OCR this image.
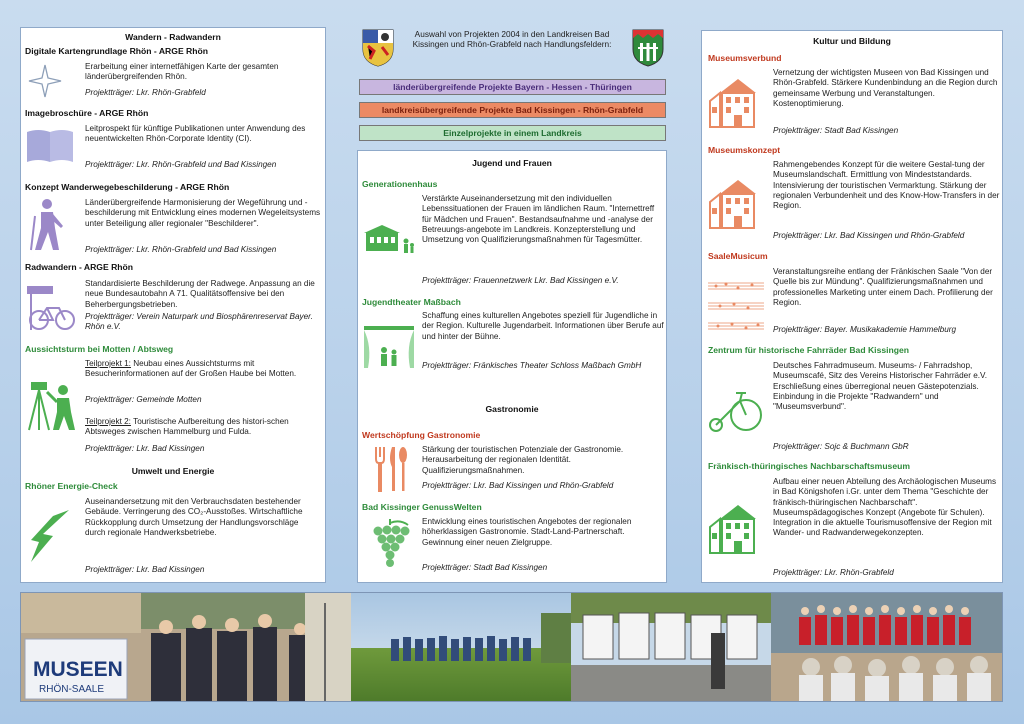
Auswahl von Projekten 2004 in den Landkreisen Bad Kissingen und Rhön-Grabfeld nach Handlungsfeldern:
länderübergreifende Projekte Bayern - Hessen - Thüringen
landkreisübergreifende Projekte Bad Kissingen - Rhön-Grabfeld
Einzelprojekte in einem Landkreis
Wandern - Radwandern
Digitale Kartengrundlage Rhön - ARGE Rhön
Erarbeitung einer internetfähigen Karte der gesamten länderübergreifenden Rhön.
Projektträger: Lkr. Rhön-Grabfeld
Imagebroschüre - ARGE Rhön
Leitprospekt für künftige Publikationen unter Anwendung des neuentwickelten Rhön-Corporate Identity (CI).
Projektträger: Lkr. Rhön-Grabfeld und Bad Kissingen
Konzept Wanderwegebeschilderung - ARGE Rhön
Länderübergreifende Harmonisierung der Wegeführung und -beschilderung mit Entwicklung eines modernen Wegeleitsystems unter Beteiligung aller regionaler "Beschilderer".
Projektträger: Lkr. Rhön-Grabfeld und Bad Kissingen
Radwandern - ARGE Rhön
Standardisierte Beschilderung der Radwege. Anpassung an die neue Bundesautobahn A 71. Qualitätsoffensive bei den Beherbergungsbetrieben.
Projektträger: Verein Naturpark und Biosphärenreservat Bayer. Rhön e.V.
Aussichtsturm bei Motten / Abtsweg
Teilprojekt 1: Neubau eines Aussichtsturms mit Besucherinformationen auf der Großen Haube bei Motten.
Projektträger: Gemeinde Motten
Teilprojekt 2: Touristische Aufbereitung des histori-schen Abtsweges zwischen Hammelburg und Fulda.
Projektträger: Lkr. Bad Kissingen
Umwelt und Energie
Rhöner Energie-Check
Auseinandersetzung mit den Verbrauchsdaten bestehender Gebäude. Verringerung des CO₂-Ausstoßes. Wirtschaftliche Rückkopplung durch Umsetzung der Handlungsvorschläge durch regionale Handwerksbetriebe.
Projektträger: Lkr. Bad Kissingen
Jugend und Frauen
Generationenhaus
Verstärkte Auseinandersetzung mit den individuellen Lebenssituationen der Frauen im ländlichen Raum. "Internettreff für Mädchen und Frauen". Bestandsaufnahme und -analyse der Betreuungs-angebote im Landkreis. Konzepterstellung und Umsetzung von Qualifizierungsmaßnahmen für Tagesmütter.
Projektträger: Frauennetzwerk Lkr. Bad Kissingen e.V.
Jugendtheater Maßbach
Schaffung eines kulturellen Angebotes speziell für Jugendliche in der Region. Kulturelle Jugendarbeit. Informationen über Berufe auf und hinter der Bühne.
Projektträger: Fränkisches Theater Schloss Maßbach GmbH
Gastronomie
Wertschöpfung Gastronomie
Stärkung der touristischen Potenziale der Gastronomie. Herausarbeitung der regionalen Identität. Qualifizierungsmaßnahmen.
Projektträger: Lkr. Bad Kissingen und Rhön-Grabfeld
Bad Kissinger GenussWelten
Entwicklung eines touristischen Angebotes der regionalen höherklassigen Gastronomie. Stadt-Land-Partnerschaft. Gewinnung einer neuen Zielgruppe.
Projektträger: Stadt Bad Kissingen
Kultur und Bildung
Museumsverbund
Vernetzung der wichtigsten Museen von Bad Kissingen und Rhön-Grabfeld. Stärkere Kundenbindung an die Region durch gemeinsame Werbung und Veranstaltungen. Kostenoptimierung.
Projektträger: Stadt Bad Kissingen
Museumskonzept
Rahmengebendes Konzept für die weitere Gestal-tung der Museumslandschaft. Ermittlung von Mindeststandards. Intensivierung der touristischen Vermarktung. Stärkung der regionalen Verbundenheit und des Know-How-Transfers in der Region.
Projektträger: Lkr. Bad Kissingen und Rhön-Grabfeld
SaaleMusicum
Veranstaltungsreihe entlang der Fränkischen Saale "Von der Quelle bis zur Mündung". Qualifizierungsmaßnahmen und professionelles Marketing unter einem Dach. Profilierung der Region.
Projektträger: Bayer. Musikakademie Hammelburg
Zentrum für historische Fahrräder Bad Kissingen
Deutsches Fahrradmuseum. Museums- / Fahrradshop, Museumscafé, Sitz des Vereins Historischer Fahrräder e.V. Erschließung eines überregional neuen Gästepotenzials. Einbindung in die Projekte "Radwandern" und "Museumsverbund".
Projektträger: Sojc & Buchmann GbR
Fränkisch-thüringisches Nachbarschaftsmuseum
Aufbau einer neuen Abteilung des Archäologischen Museums in Bad Königshofen i.Gr. unter dem Thema "Geschichte der fränkisch-thüringischen Nachbarschaft". Museumspädagogisches Konzept (Angebote für Schulen). Integration in die aktuelle Tourismusoffensive der Region mit Wander- und Radwanderwegekonzepten.
Projektträger: Lkr. Rhön-Grabfeld
MUSEEN
RHÖN-SAALE
